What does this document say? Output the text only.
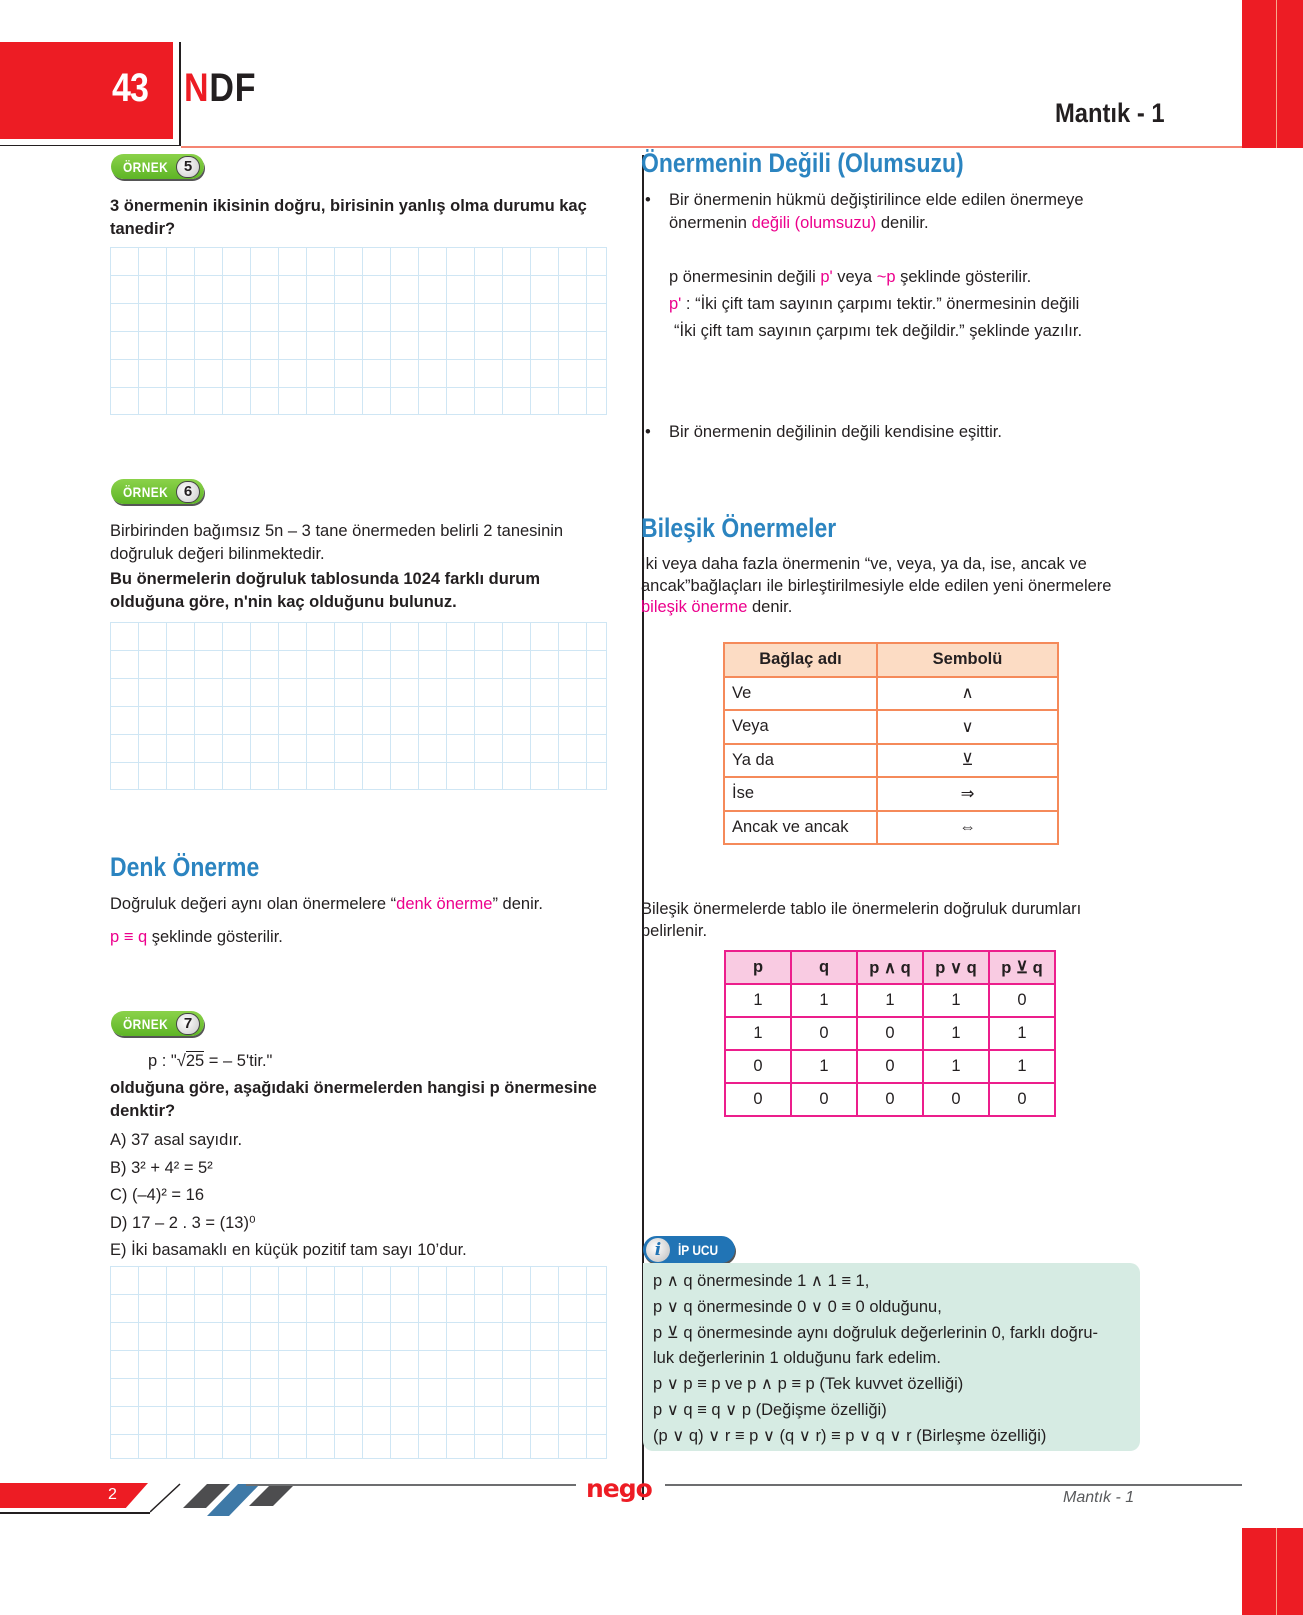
43 NDF
Mantık - 1
ÖRNEK	5
3 önermenin ikisinin doğru, birisinin yanlış olma durumu kaç tanedir?
ÖRNEK	6
Birbirinden bağımsız 5n – 3 tane önermeden belirli 2 tanesinin doğruluk değeri bilinmektedir.
Bu önermelerin doğruluk tablosunda 1024 farklı durum olduğuna göre, n'nin kaç olduğunu bulunuz.
Denk Önerme
Doğruluk değeri aynı olan önermelere “denk önerme” denir.
p ≡ q şeklinde gösterilir.
ÖRNEK	7
p : "√25 = – 5'tir."
olduğuna göre, aşağıdaki önermelerden hangisi p önermesine denktir?
A) 37 asal sayıdır.
B) 3² + 4² = 5²
C) (–4)² = 16
D) 17 – 2 . 3 = (13)⁰
E) İki basamaklı en küçük pozitif tam sayı 10’dur.
Önermenin Değili (Olumsuzu)
• Bir önermenin hükmü değiştirilince elde edilen önermeye önermenin değili (olumsuzu) denilir.
p önermesinin değili p' veya ~p şeklinde gösterilir.
p' : “İki çift tam sayının çarpımı tektir.” önermesinin değili
“İki çift tam sayının çarpımı tek değildir.” şeklinde yazılır.
• Bir önermenin değilinin değili kendisine eşittir.
Bileşik Önermeler
İki veya daha fazla önermenin “ve, veya, ya da, ise, ancak ve ancak”bağlaçları ile birleştirilmesiyle elde edilen yeni önermelere bileşik önerme denir.
Bağlaç adı	Sembolü
Ve	∧
Veya	∨
Ya da	⊻
İse	⇒
Ancak ve ancak	⇔
Bileşik önermelerde tablo ile önermelerin doğruluk durumları belirlenir.
p	q	p ∧ q	p ∨ q	p ⊻ q
1	1	1	1	0
1	0	0	1	1
0	1	0	1	1
0	0	0	0	0
i	İP UCU
p ∧ q önermesinde 1 ∧ 1 ≡ 1,
p ∨ q önermesinde 0 ∨ 0 ≡ 0 olduğunu,
p ⊻ q önermesinde aynı doğruluk değerlerinin 0, farklı doğru-
luk değerlerinin 1 olduğunu fark edelim.
p ∨ p ≡ p ve p ∧ p ≡ p (Tek kuvvet özelliği)
p ∨ q ≡ q ∨ p (Değişme özelliği)
(p ∨ q) ∨ r ≡ p ∨ (q ∨ r) ≡ p ∨ q ∨ r (Birleşme özelliği)
2	nego	Mantık - 1
